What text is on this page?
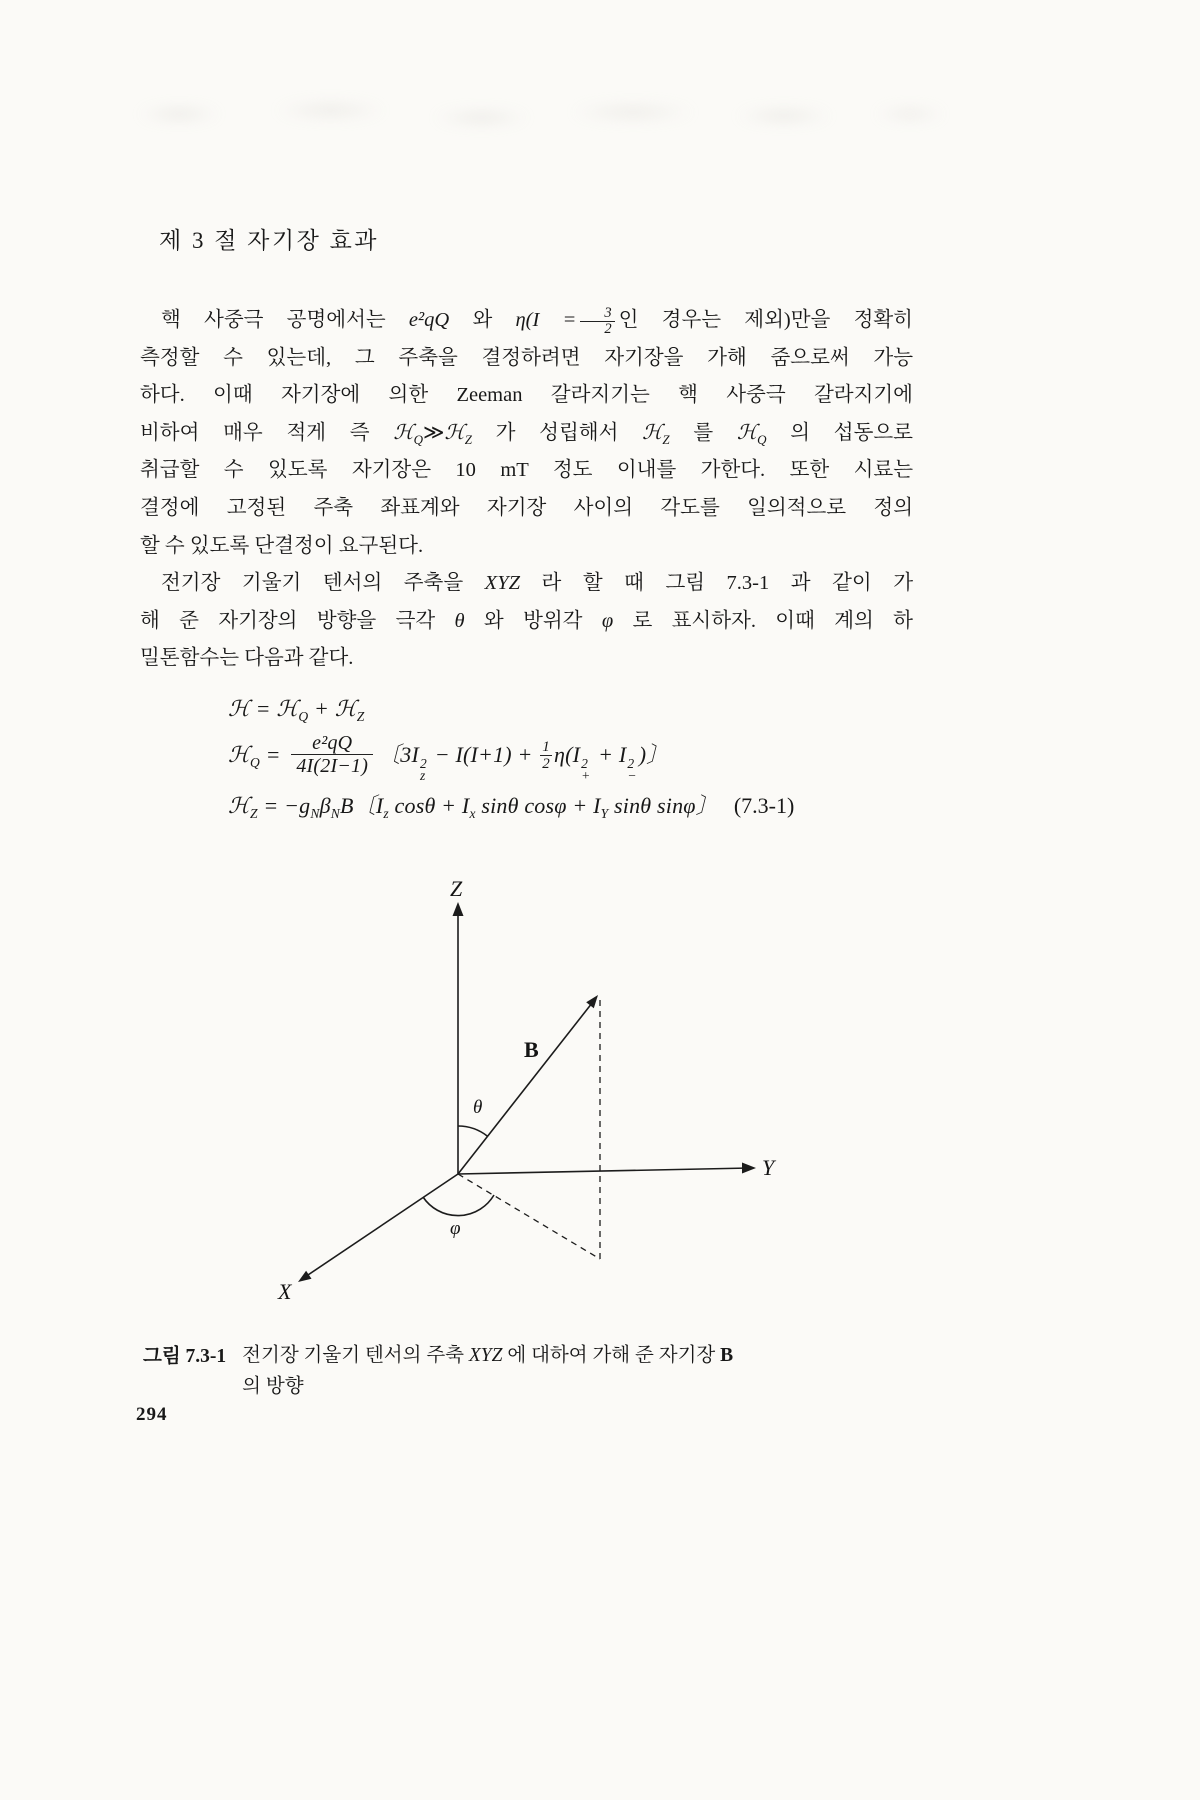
제 3 절 자기장 효과
핵 사중극 공명에서는 e²qQ 와 $\eta(I = \frac{3}{2}$ 인 경우는 제외)만을 정확히
측정할 수 있는데, 그 주축을 결정하려면 자기장을 가해 줌으로써 가능
하다. 이때 자기장에 의한 Zeeman 갈라지기는 핵 사중극 갈라지기에
비하여 매우 적게 즉 ℋ$_Q$≫ℋ$_Z$ 가 성립해서 ℋ$_Z$ 를 ℋ$_Q$ 의 섭동으로
취급할 수 있도록 자기장은 10 mT 정도 이내를 가한다. 또한 시료는
결정에 고정된 주축 좌표계와 자기장 사이의 각도를 일의적으로 정의
할 수 있도록 단결정이 요구된다.
전기장 기울기 텐서의 주축을 XYZ 라 할 때 그림 7.3-1 과 같이 가
해 준 자기장의 방향을 극각 θ 와 방위각 φ 로 표시하자. 이때 계의 하
밀톤함수는 다음과 같다.
ℋ = ℋ$_Q$ + ℋ$_Z$
ℋ$_Q$ = $\frac{\text{e²qQ}}{4I(2I-1)}$ 〔3I 2
z
− $I(I+1) + \frac{1}{2} \eta(I$ 2
+
+ I 2
−
)〕
ℋ$_Z$ = $-g_N\beta_NB$〔$I_z$ $\cos\theta + I_x$ sinθ $\cos\varphi + I_Y$ sinθ sinφ〕 (7.3-1)
Z
Y
X
B
θ
φ
그림 7.3-1 전기장 기울기 텐서의 주축 XYZ 에 대하여 가해 준 자기장 B
의 방향
294
